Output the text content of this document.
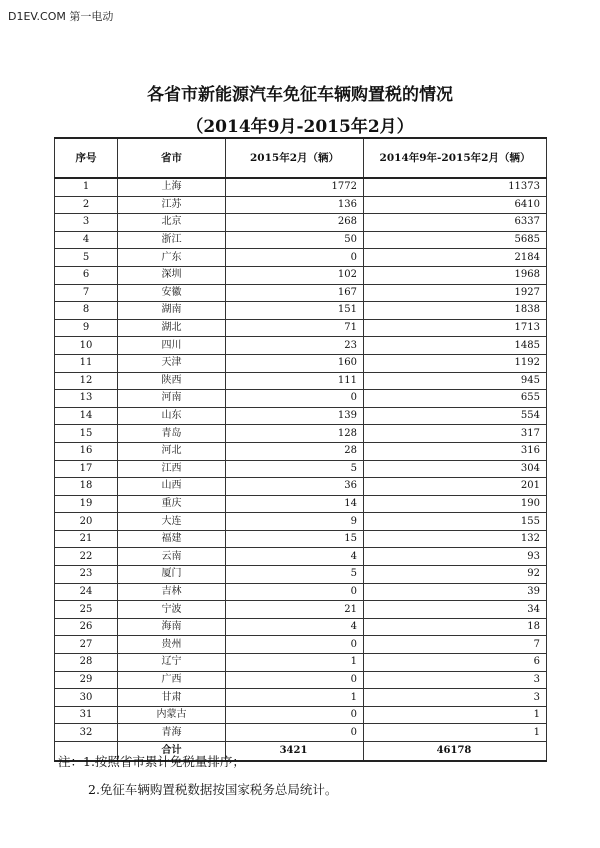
D1EV.COM 第一电动
各省市新能源汽车免征车辆购置税的情况
（2014年9月-2015年2月）
序号	省市	2015年2月（辆）	2014年9年-2015年2月（辆）
1	上海	1772	11373
2	江苏	136	6410
3	北京	268	6337
4	浙江	50	5685
5	广东	0	2184
6	深圳	102	1968
7	安徽	167	1927
8	湖南	151	1838
9	湖北	71	1713
10	四川	23	1485
11	天津	160	1192
12	陕西	111	945
13	河南	0	655
14	山东	139	554
15	青岛	128	317
16	河北	28	316
17	江西	5	304
18	山西	36	201
19	重庆	14	190
20	大连	9	155
21	福建	15	132
22	云南	4	93
23	厦门	5	92
24	吉林	0	39
25	宁波	21	34
26	海南	4	18
27	贵州	0	7
28	辽宁	1	6
29	广西	0	3
30	甘肃	1	3
31	内蒙古	0	1
32	青海	0	1
	合计	3421	46178
注：1.按照省市累计免税量排序；
2.免征车辆购置税数据按国家税务总局统计。
